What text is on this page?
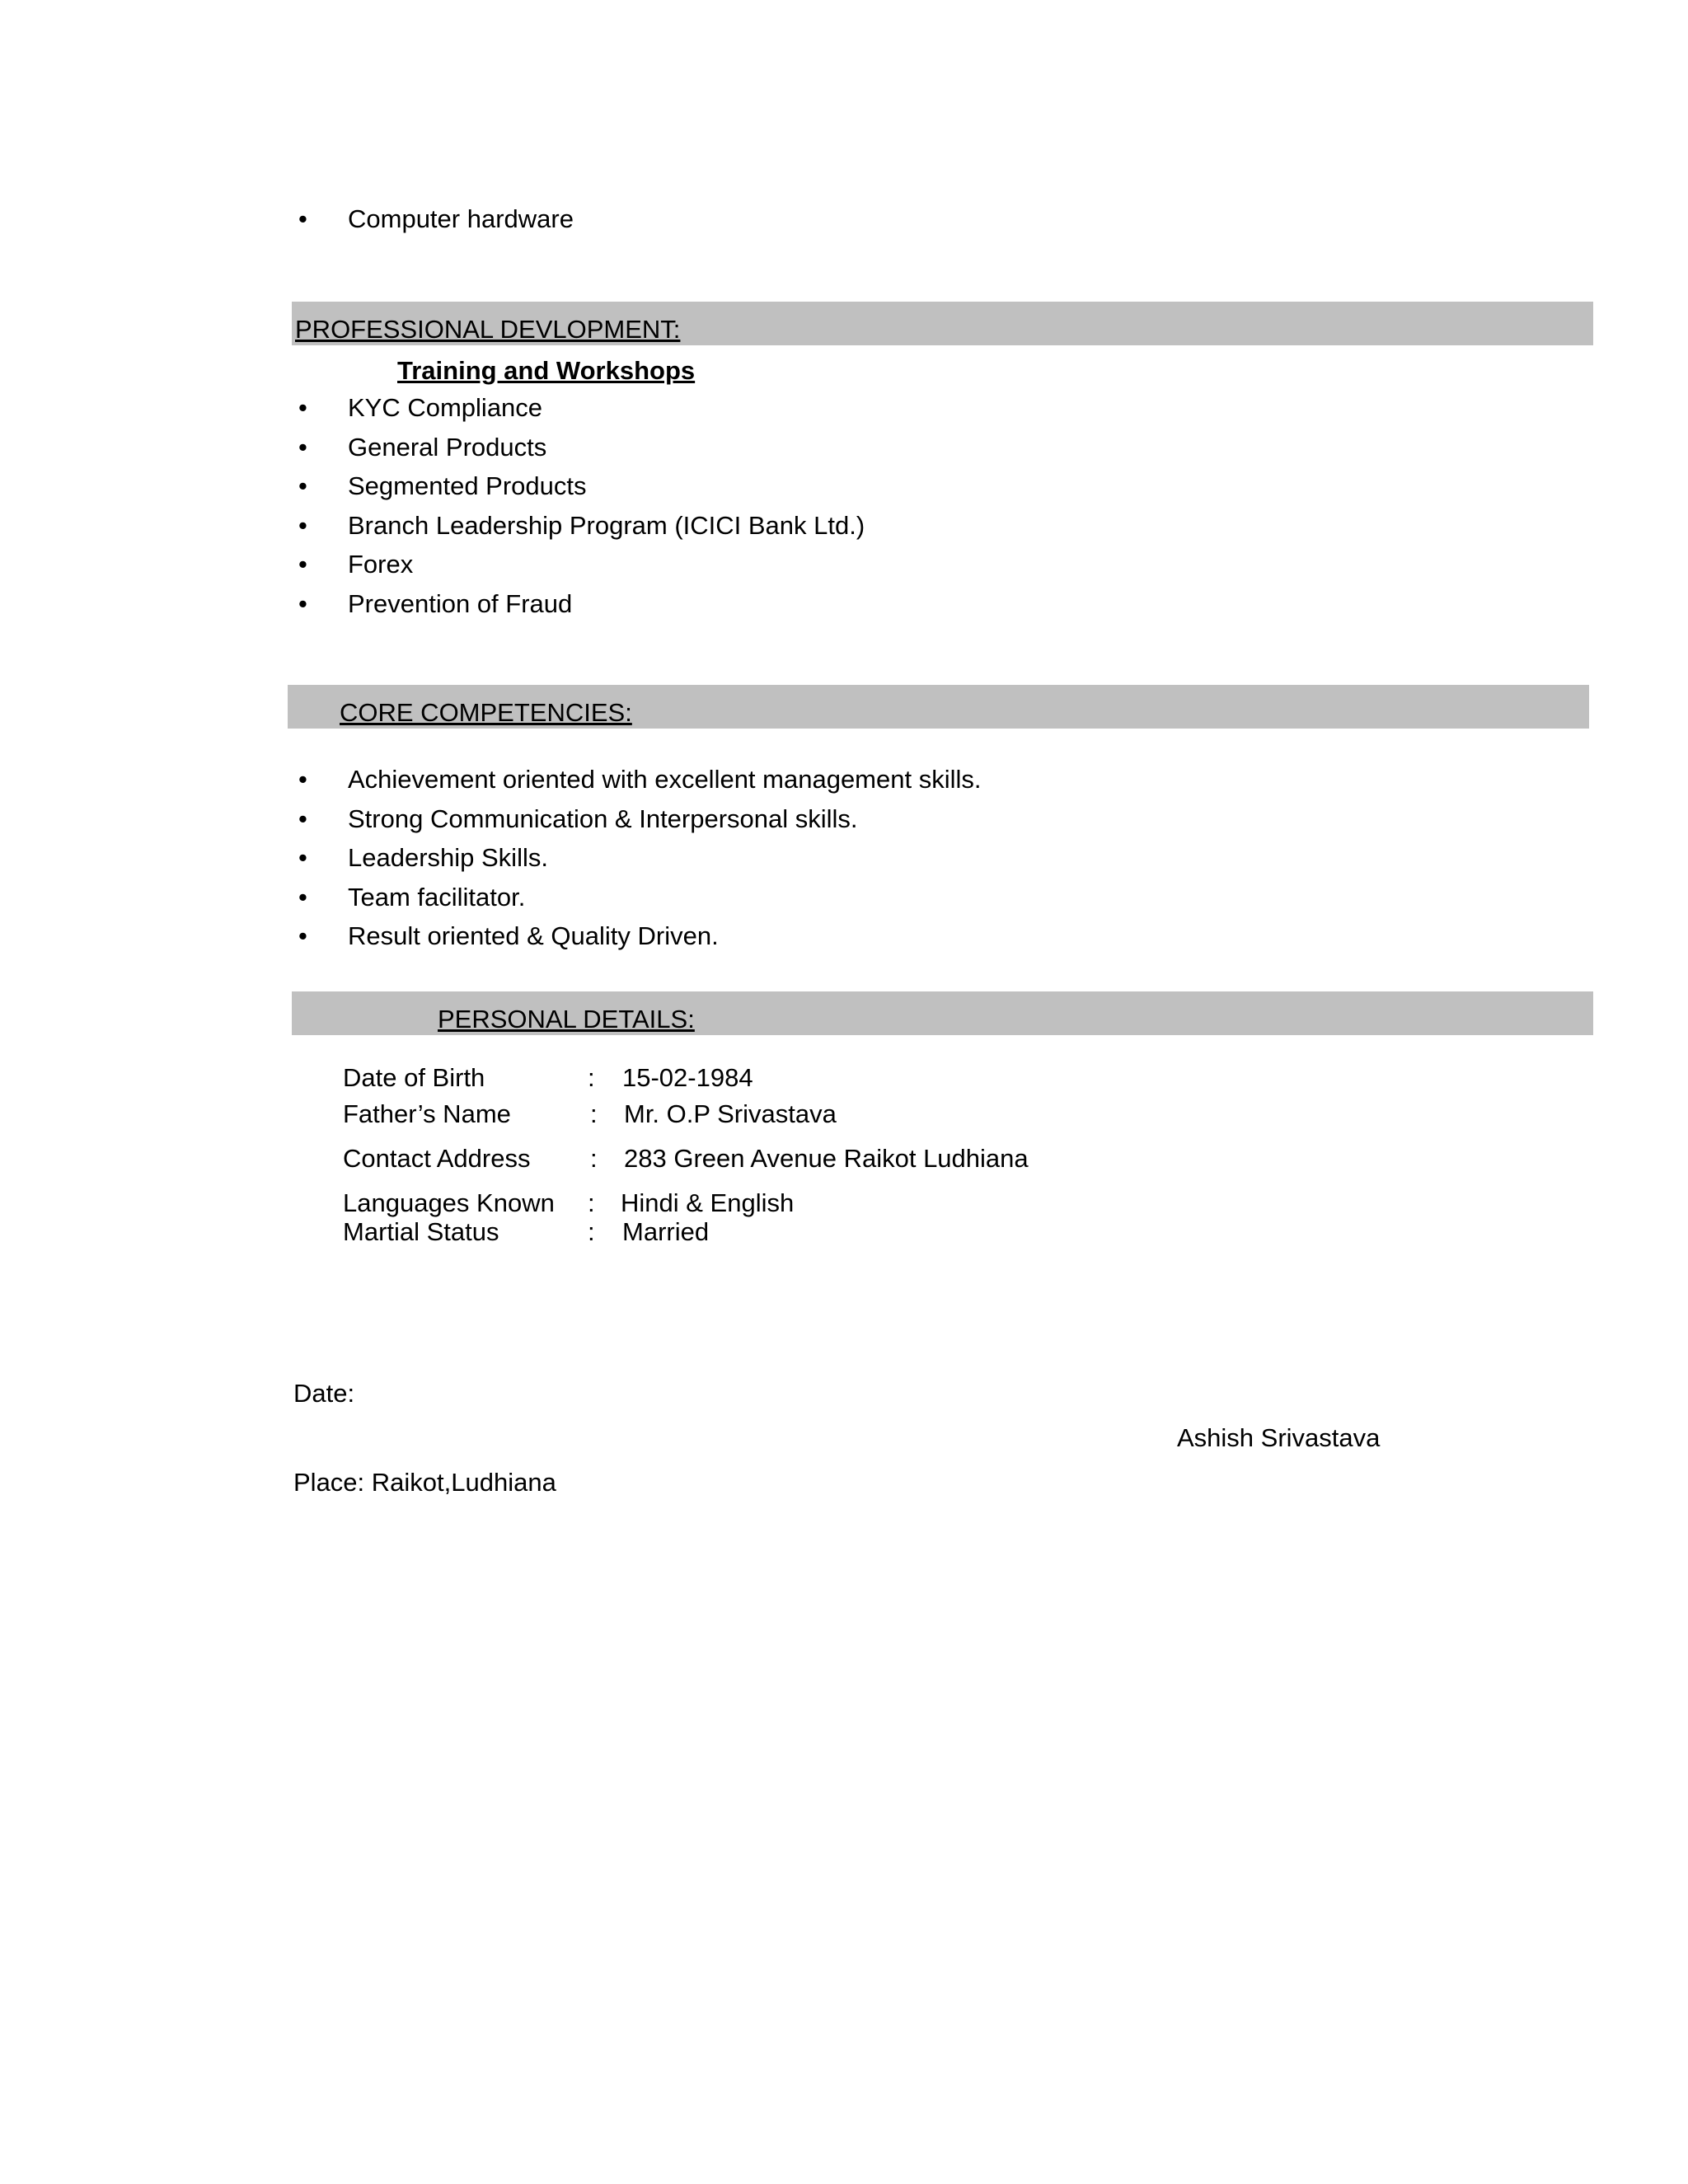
• Computer hardware
PROFESSIONAL DEVLOPMENT:
Training and Workshops
• KYC Compliance
• General Products
• Segmented Products
• Branch Leadership Program (ICICI Bank Ltd.)
• Forex
• Prevention of Fraud
CORE COMPETENCIES:
• Achievement oriented with excellent management skills.
• Strong Communication & Interpersonal skills.
• Leadership Skills.
• Team facilitator.
• Result oriented & Quality Driven.
PERSONAL DETAILS:
Date of Birth	: 15-02-1984
Father’s Name	: Mr. O.P Srivastava
Contact Address : 283 Green Avenue Raikot Ludhiana
Languages Known : Hindi & English
Martial Status	: Married
Date:
Ashish Srivastava
Place: Raikot,Ludhiana
